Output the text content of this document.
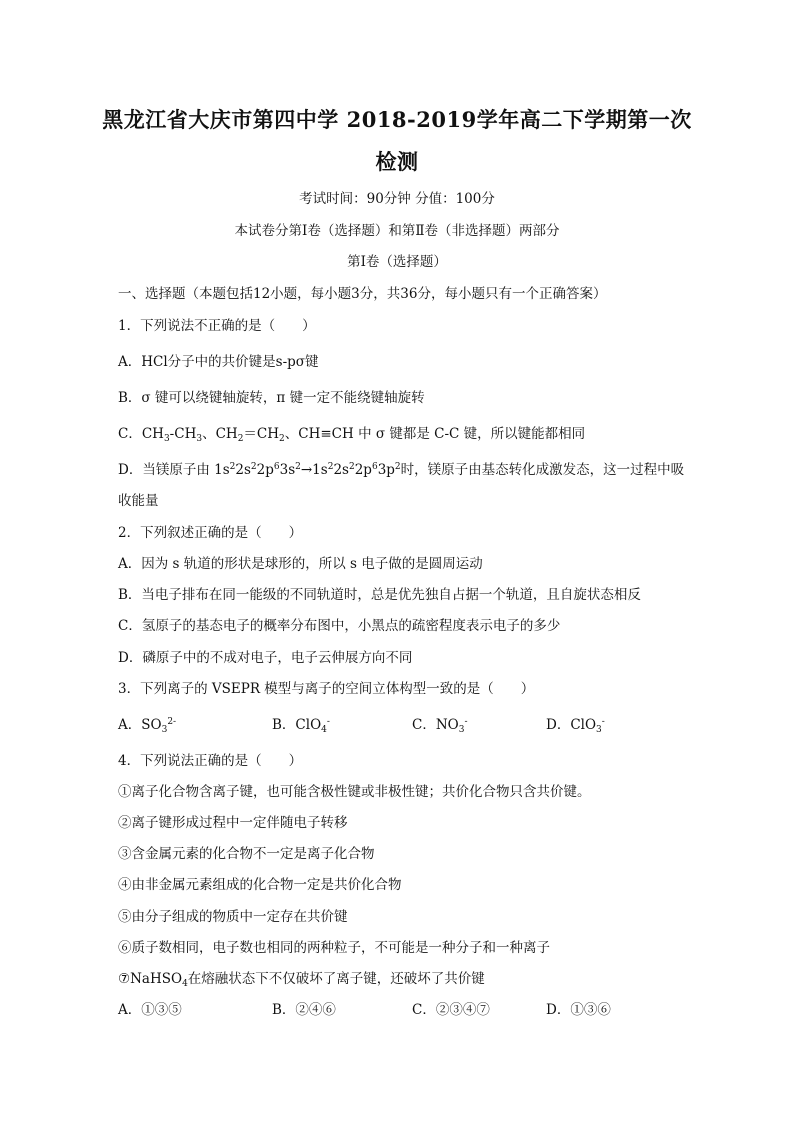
黑龙江省大庆市第四中学 2018-2019学年高二下学期第一次
检测
考试时间：90分钟 分值：100分
本试卷分第Ⅰ卷（选择题）和第Ⅱ卷（非选择题）两部分
第Ⅰ卷（选择题）
一、选择题（本题包括12小题，每小题3分，共36分，每小题只有一个正确答案）
1．下列说法不正确的是（　　）
A．HCl分子中的共价键是s-pσ键
B．σ 键可以绕键轴旋转，π 键一定不能绕键轴旋转
C．$CH_3-CH_3$、$CH_2=CH_2$、CH≡CH 中 σ 键都是 C-C 键，所以键能都相同
D．当镁原子由 $1s^22s^22p^63s^2\to 1s^22s^22p^63p^2$时，镁原子由基态转化成激发态，这一过程中吸
收能量
2．下列叙述正确的是（　　）
A．因为 s 轨道的形状是球形的，所以 s 电子做的是圆周运动
B．当电子排布在同一能级的不同轨道时，总是优先独自占据一个轨道，且自旋状态相反
C．氢原子的基态电子的概率分布图中，小黑点的疏密程度表示电子的多少
D．磷原子中的不成对电子，电子云伸展方向不同
3．下列离子的 VSEPR 模型与离子的空间立体构型一致的是（　　）
A．$SO_3^{2-}$	B．ClO$_4$-	C．$NO_3^-$	D．ClO$_3$-
4．下列说法正确的是（　　）
①离子化合物含离子键，也可能含极性键或非极性键；共价化合物只含共价键。
②离子键形成过程中一定伴随电子转移
③含金属元素的化合物不一定是离子化合物
④由非金属元素组成的化合物一定是共价化合物
⑤由分子组成的物质中一定存在共价键
⑥质子数相同，电子数也相同的两种粒子，不可能是一种分子和一种离子
⑦NaHSO$_4$在熔融状态下不仅破坏了离子键，还破坏了共价键
A．①③⑤	B．②④⑥	C．②③④⑦	D．①③⑥
